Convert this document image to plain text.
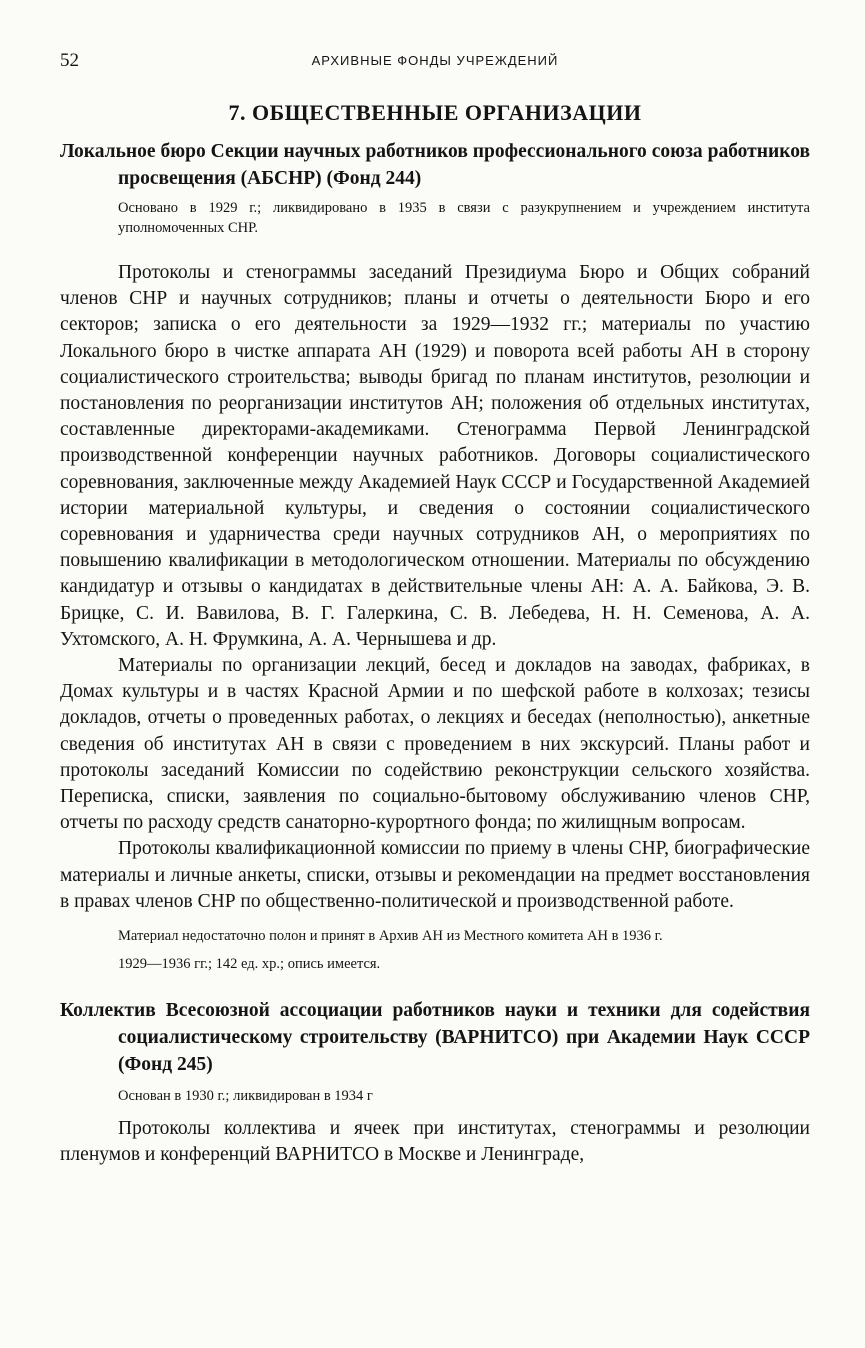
52	АРХИВНЫЕ ФОНДЫ УЧРЕЖДЕНИЙ
7. ОБЩЕСТВЕННЫЕ ОРГАНИЗАЦИИ

Локальное бюро Секции научных работников профессионального союза работников просвещения (АБСНР) (Фонд 244)

Основано в 1929 г.; ликвидировано в 1935 в связи с разукрупнением и учреждением института уполномоченных СНР.

Протоколы и стенограммы заседаний Президиума Бюро и Общих собраний членов СНР и научных сотрудников; планы и отчеты о деятельности Бюро и его секторов; записка о его деятельности за 1929—1932 гг.; материалы по участию Локального бюро в чистке аппарата АН (1929) и поворота всей работы АН в сторону социалистического строительства; выводы бригад по планам институтов, резолюции и постановления по реорганизации институтов АН; положения об отдельных институтах, составленные директорами-академиками. Стенограмма Первой Ленинградской производственной конференции научных работников. Договоры социалистического соревнования, заключенные между Академией Наук СССР и Государственной Академией истории материальной культуры, и сведения о состоянии социалистического соревнования и ударничества среди научных сотрудников АН, о мероприятиях по повышению квалификации в методологическом отношении. Материалы по обсуждению кандидатур и отзывы о кандидатах в действительные члены АН: А. А. Байкова, Э. В. Брицке, С. И. Вавилова, В. Г. Галеркина, С. В. Лебедева, Н. Н. Семенова, А. А. Ухтомского, А. Н. Фрумкина, А. А. Чернышева и др.

Материалы по организации лекций, бесед и докладов на заводах, фабриках, в Домах культуры и в частях Красной Армии и по шефской работе в колхозах; тезисы докладов, отчеты о проведенных работах, о лекциях и беседах (неполностью), анкетные сведения об институтах АН в связи с проведением в них экскурсий. Планы работ и протоколы заседаний Комиссии по содействию реконструкции сельского хозяйства. Переписка, списки, заявления по социально-бытовому обслуживанию членов СНР, отчеты по расходу средств санаторно-курортного фонда; по жилищным вопросам.

Протоколы квалификационной комиссии по приему в члены СНР, биографические материалы и личные анкеты, списки, отзывы и рекомендации на предмет восстановления в правах членов СНР по общественно-политической и производственной работе.

Материал недостаточно полон и принят в Архив АН из Местного комитета АН в 1936 г.

1929—1936 гг.; 142 ед. хр.; опись имеется.

Коллектив Всесоюзной ассоциации работников науки и техники для содействия социалистическому строительству (ВАРНИТСО) при Академии Наук СССР (Фонд 245)

Основан в 1930 г.; ликвидирован в 1934 г

Протоколы коллектива и ячеек при институтах, стенограммы и резолюции пленумов и конференций ВАРНИТСО в Москве и Ленинграде,
